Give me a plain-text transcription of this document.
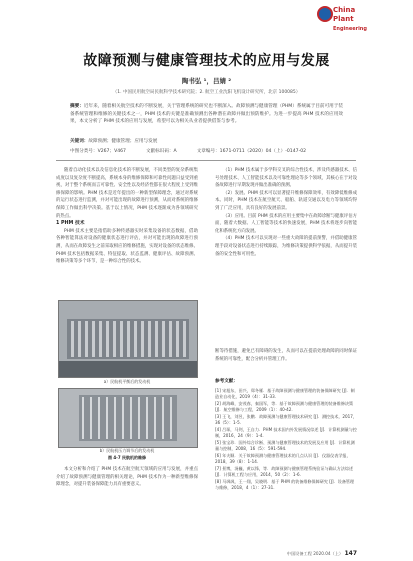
China
Plant
Engineering
故障预测与健康管理技术的应用与发展
陶书弘 ¹，吕婧 ²
（1. 中国民用航空局民航科学技术研究院；2. 航空工业沈阳飞机设计研究所，北京 100085）
摘要：近年来，随着相关航空技术的不断发展，关于管理系统的研究也不断深入。故障预测与健康管理（PHM）系统属于目前可用于装备系统管理和维修的关键技术之一，PHM 技术的关键是准确预测出各种潜在故障并做出预防维护。为进一步提高 PHM 技术的应用效果，本文分析了 PHM 技术的应用与发展，希望可以为相关从业者提供借鉴与参考。
关键词：故障预测；健康管理；应用与发展
中图分类号：V267；V467	文献标识码：A	文章编号：1671-0711（2020）04（上）-0147-02

随着自动化技术以及信息化技术的不断发展，不同类型的复杂系统集成度以及复杂度不断提高，系统本身的维修保障和可靠性问题日益受到重视，对于整个系统而言可靠性、安全性以及经济性都在很大程度上受到维修保障的影响。PHM 技术是近年提出的一种新型保障理念，通过对系统的运行状态进行监测，并对可能出现的故障进行预测，从而对系统的维修保障工作做出科学决策。基于以上情况，PHM 技术逐渐成为各领域研究的热点。

1 PHM 技术

PHM 技术主要是指借助多种传感器实时采集设备的状态数据，借助各种智能算法对设备的健康状态进行评估，并对可能出现的故障进行预测，从而在故障发生之前采取相应的维修措施，实现对设备的状态维修。PHM 技术包括数据采集、特征提取、状态监测、健康评估、故障预测、维修决策等多个环节，是一种综合性的技术。

（1）PHM 技术属于多学科交叉的综合性技术，涉及传感器技术、信号处理技术、人工智能技术以及可靠性理论等多个领域，其核心在于对设备故障进行早期发现并做出准确的预测。

（2）发展。PHM 技术可以显著提升维修保障效率，有效降低维修成本。同时，PHM 技术在航空航天、船舶、轨道交通以及电力等领域均得到了广泛应用，具有良好的发展前景。

（3）应用。目前 PHM 技术的应用主要集中在故障诊断与健康评估方面，随着大数据、人工智能等技术的快速发展，PHM 技术将逐步向智能化和系统化方向发展。

（4）PHM 技术可以实现对一些重大故障的提前预警，并借助健康管理手段对设备状态进行持续跟踪，为维修决策提供科学依据，从而提升装备的安全性和可用性。

a）民航机平衡后的发动机
b）民航机压力调节后的发动机
图 4-7 民航机的维修

本文分析和介绍了 PHM 技术在航空航天领域的应用与发展，并重点介绍了故障预测与健康管理的相关理论，PHM 技术作为一种新型维修保障理念，对提升装备保障能力具有重要意义。

断等待措施，避免已有障碍的发生，从而可以在提前处理故障的同时保证系统的可靠性，配合分析并管理工作。

参考文献：
[1] 宋旭东，田兴，郑冬雁．基于故障预测与健康管理的装备保障研究 [J]．制造业自动化，2019（4）：31-33.
[2] 胡海峰，安茂春，秦国军，等．基于故障预测与健康管理的装备维修决策 [J]．航空维修与工程，2009（1）：40-42.
[3] 王飞，刘昱，张鹏．故障预测与健康管理技术研究 [J]．测控技术，2017，36（5）：1-5.
[4] 吕琛，马剑，王自力．PHM 技术国内外发展情况综述 [J]．计算机测量与控制，2016，24（9）：1-4.
[5] 张宝珍．国外综合诊断、预测与健康管理技术的发展及应用 [J]．计算机测量与控制，2008，16（5）：591-594.
[6] 年夫顺．关于故障预测与健康管理技术的几点认识 [J]．仪器仪表学报，2018，39（8）：1-14.
[7] 景博，汤巍，黄以锋，等．故障预测与健康管理系统验证与确认方法综述 [J]．计算机工程与应用，2014，50（2）：1-6.
[8] 马飒飒，王一翔，吴晓明．基于 PHM 的装备维修保障研究 [J]．设备管理与维修，2018，4（1）：27-31.
中国设备工程 2020.04（上） 147
